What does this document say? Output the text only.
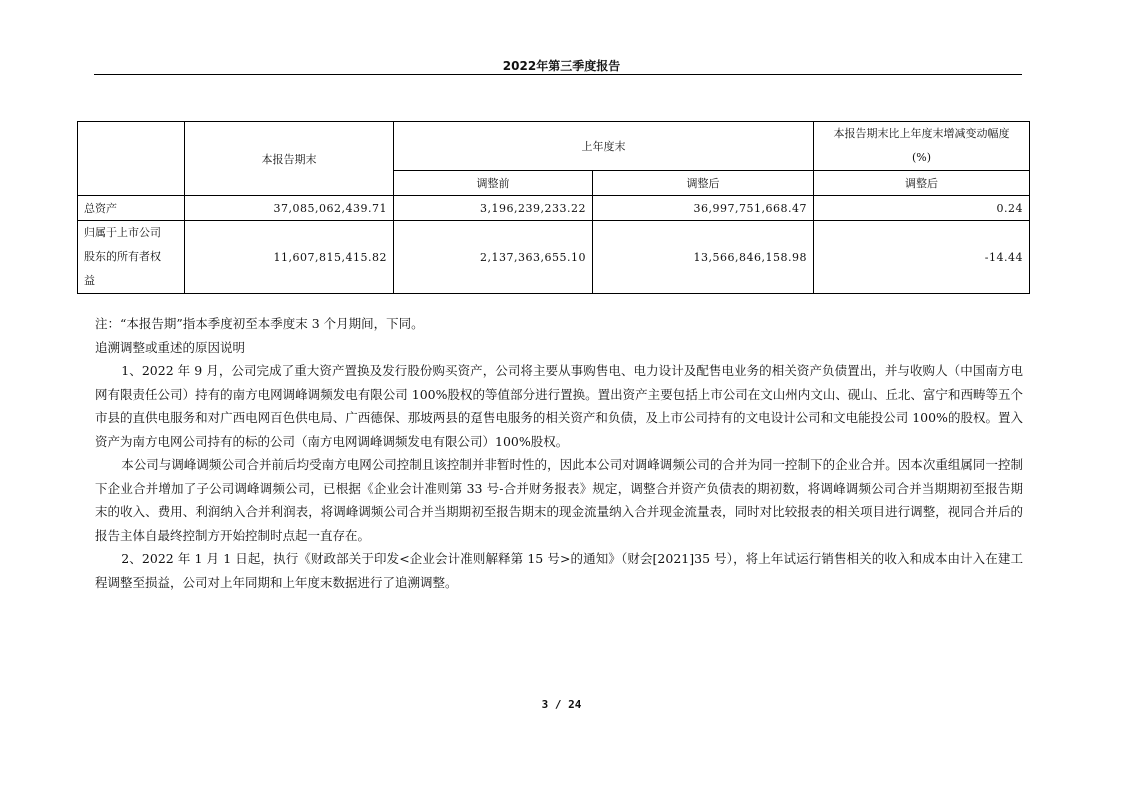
2022年第三季度报告
	本报告期末	上年度末		本报告期末比上年度末增减变动幅度
(%)

		调整前	调整后	调整后
总资产	37,085,062,439.71	3,196,239,233.22	36,997,751,668.47	0.24

归属于上市公司
股东的所有者权
益	11,607,815,415.82	2,137,363,655.10	13,566,846,158.98	-14.44

注：“本报告期”指本季度初至本季度末 3 个月期间，下同。

追溯调整或重述的原因说明

1、2022 年 9 月，公司完成了重大资产置换及发行股份购买资产，公司将主要从事购售电、电力设计及配售电业务的相关资产负债置出，并与收购人（中国南方电网有限责任公司）持有的南方电网调峰调频发电有限公司 100%股权的等值部分进行置换。置出资产主要包括上市公司在文山州内文山、砚山、丘北、富宁和西畴等五个市县的直供电服务和对广西电网百色供电局、广西德保、那坡两县的趸售电服务的相关资产和负债，及上市公司持有的文电设计公司和文电能投公司 100%的股权。置入资产为南方电网公司持有的标的公司（南方电网调峰调频发电有限公司）100%股权。

本公司与调峰调频公司合并前后均受南方电网公司控制且该控制并非暂时性的，因此本公司对调峰调频公司的合并为同一控制下的企业合并。因本次重组属同一控制下企业合并增加了子公司调峰调频公司，已根据《企业会计准则第 33 号-合并财务报表》规定，调整合并资产负债表的期初数，将调峰调频公司合并当期期初至报告期末的收入、费用、利润纳入合并利润表，将调峰调频公司合并当期期初至报告期末的现金流量纳入合并现金流量表，同时对比较报表的相关项目进行调整，视同合并后的报告主体自最终控制方开始控制时点起一直存在。

2、2022 年 1 月 1 日起，执行《财政部关于印发<企业会计准则解释第 15 号>的通知》（财会[2021]35 号），将上年试运行销售相关的收入和成本由计入在建工程调整至损益，公司对上年同期和上年度末数据进行了追溯调整。

3 / 24
